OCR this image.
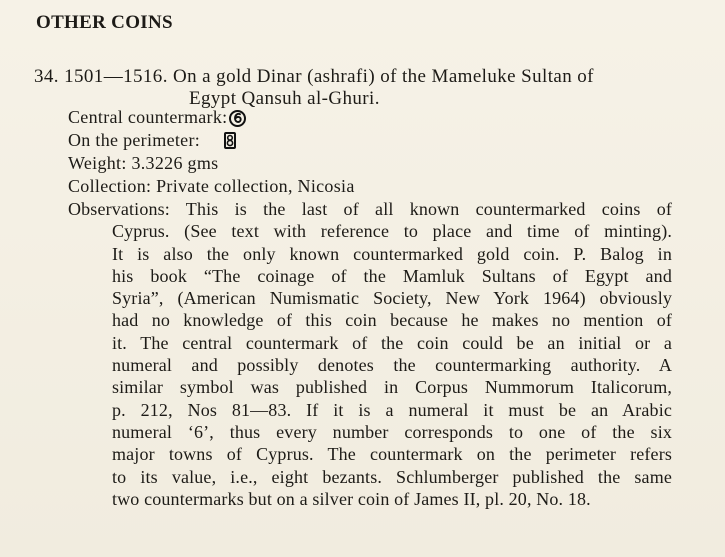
OTHER COINS
34. 1501—1516. On a gold Dinar (ashrafi) of the Mameluke Sultan of
Egypt Qansuh al-Ghuri.
Central countermark:
On the perimeter:
Weight: 3.3226 gms
Collection: Private collection, Nicosia
Observations: This is the last of all known countermarked coins of
Cyprus. (See text with reference to place and time of minting).
It is also the only known countermarked gold coin. P. Balog in
his book “The coinage of the Mamluk Sultans of Egypt and
Syria”, (American Numismatic Society, New York 1964) obviously
had no knowledge of this coin because he makes no mention of
it. The central countermark of the coin could be an initial or a
numeral and possibly denotes the countermarking authority. A
similar symbol was published in Corpus Nummorum Italicorum,
p. 212, Nos 81—83. If it is a numeral it must be an Arabic
numeral ‘6’, thus every number corresponds to one of the six
major towns of Cyprus. The countermark on the perimeter refers
to its value, i.e., eight bezants. Schlumberger published the same
two countermarks but on a silver coin of James II, pl. 20, No. 18.
